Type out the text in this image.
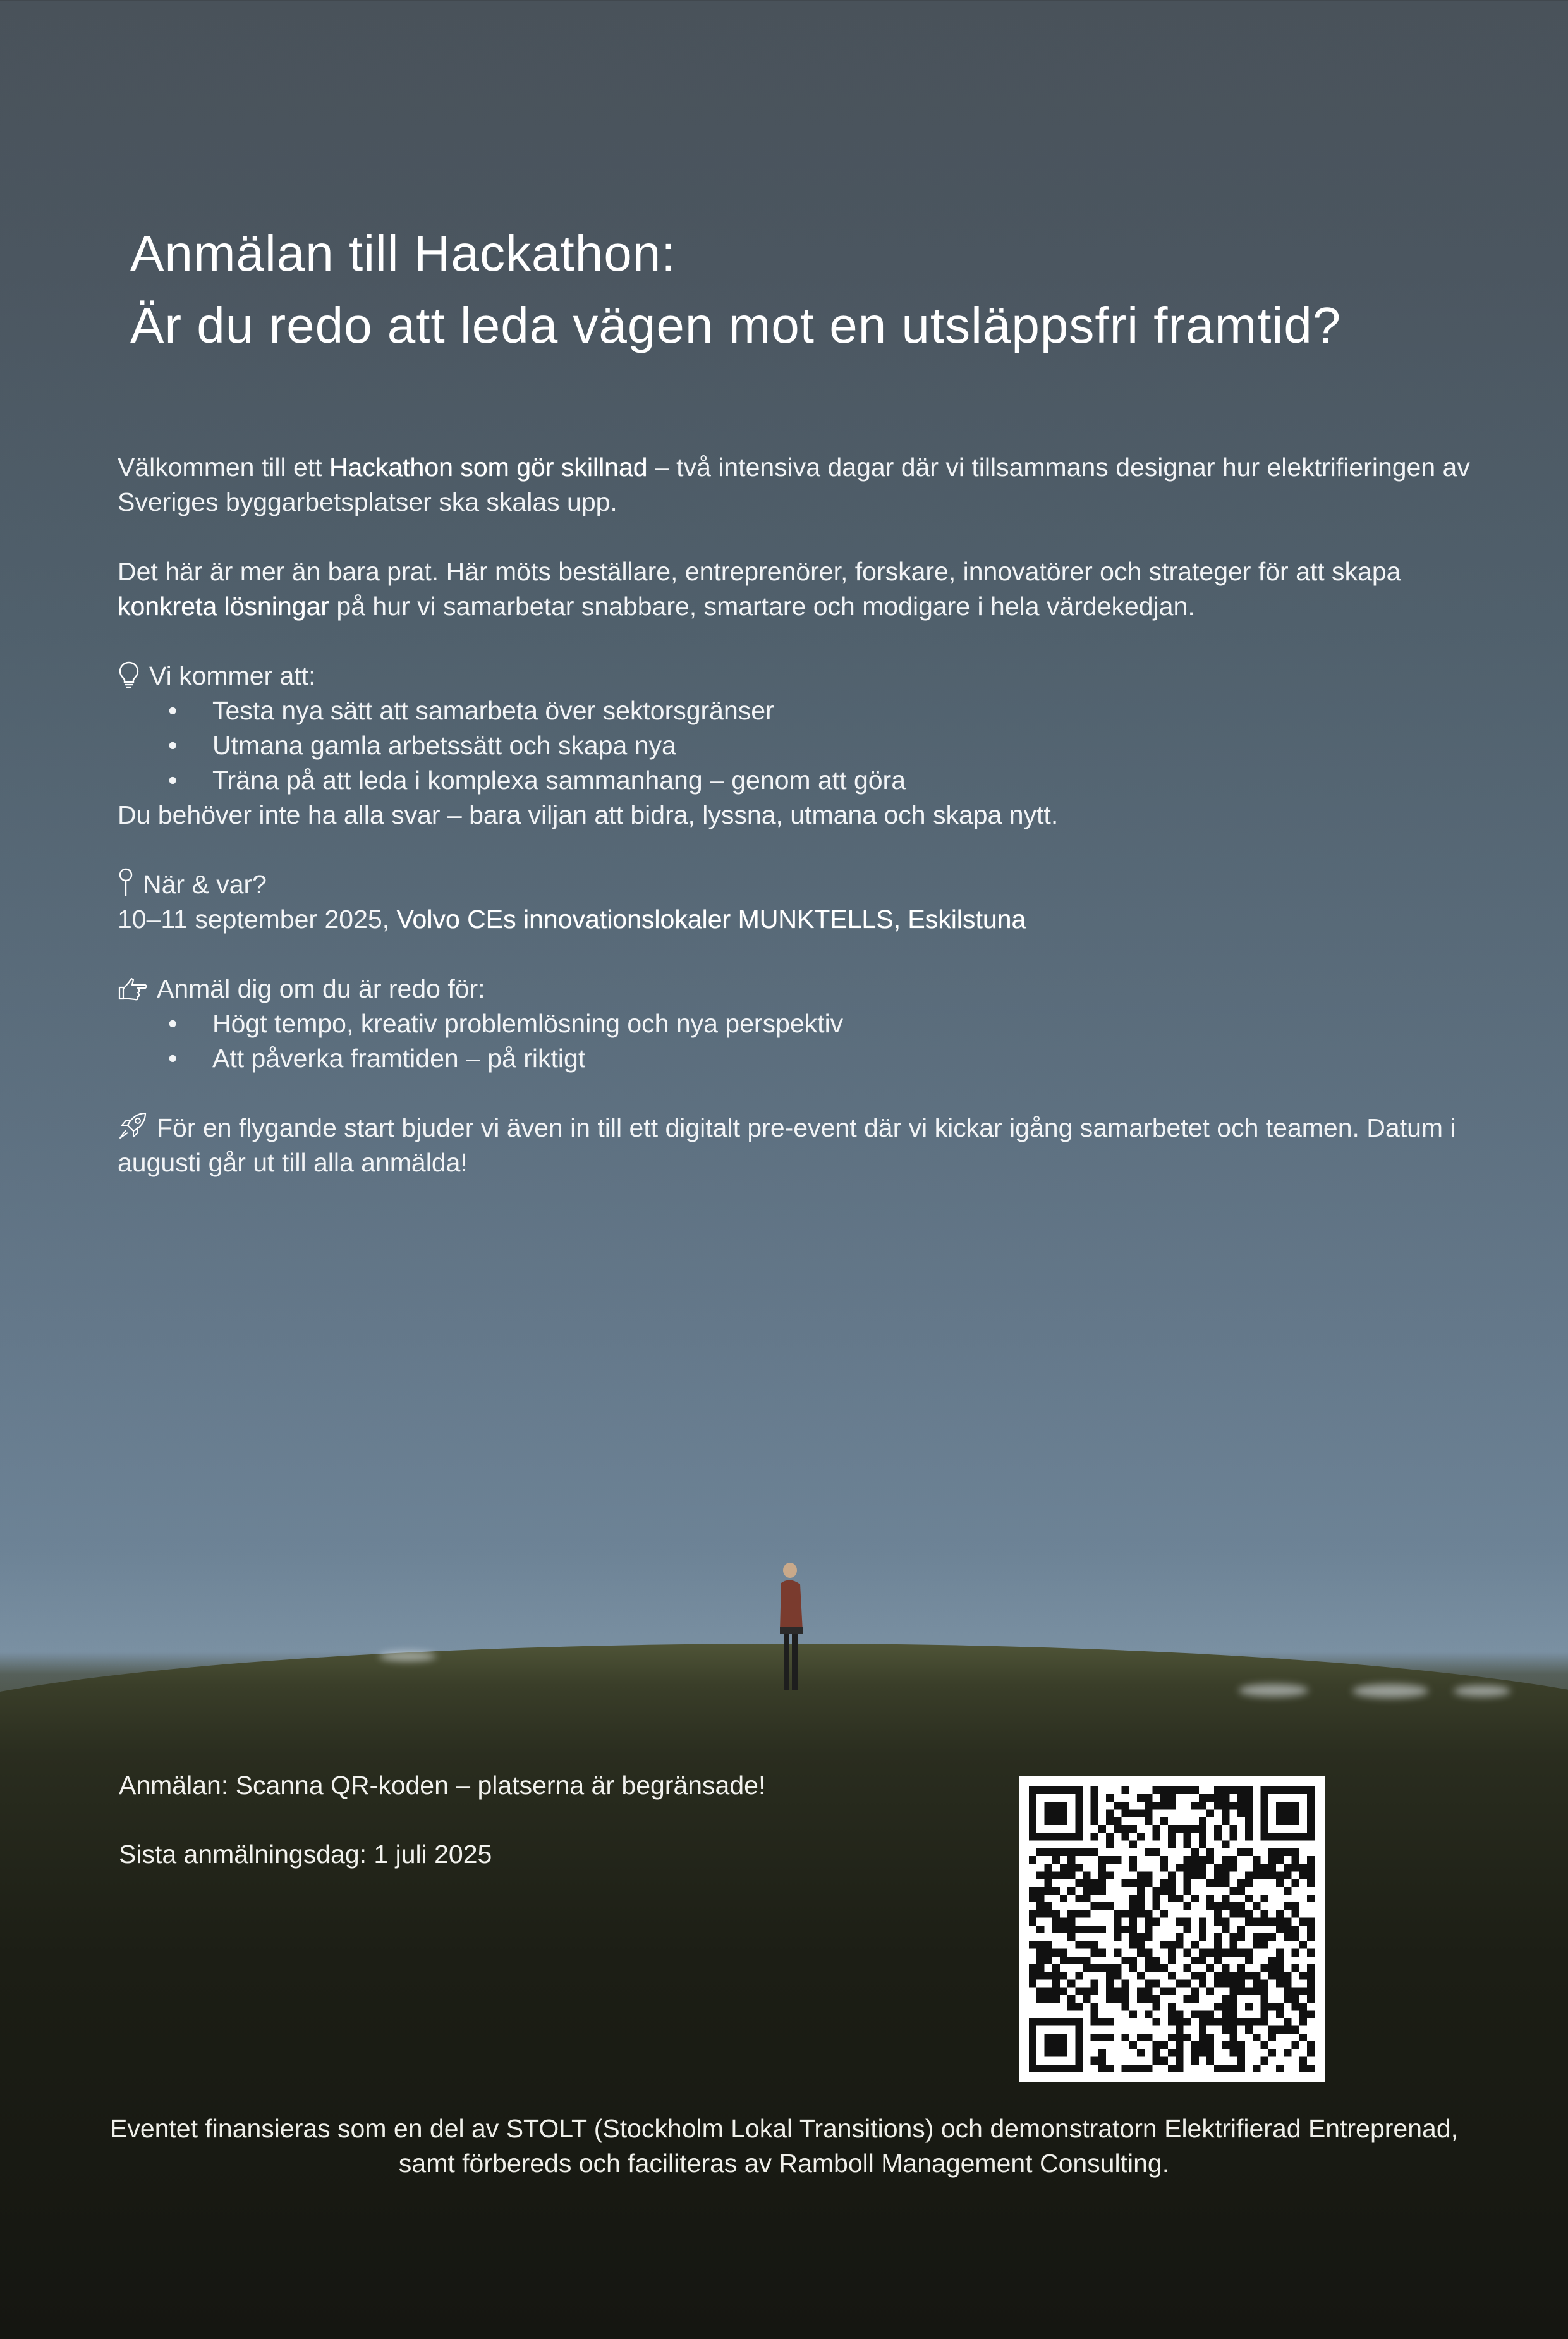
Anmälan till Hackathon:
Är du redo att leda vägen mot en utsläppsfri framtid?

Välkommen till ett Hackathon som gör skillnad – två intensiva dagar där vi tillsammans designar hur elektrifieringen av Sveriges byggarbetsplatser ska skalas upp.

Det här är mer än bara prat. Här möts beställare, entreprenörer, forskare, innovatörer och strateger för att skapa konkreta lösningar på hur vi samarbetar snabbare, smartare och modigare i hela värdekedjan.

Vi kommer att:

• Testa nya sätt att samarbeta över sektorsgränser
• Utmana gamla arbetssätt och skapa nya
• Träna på att leda i komplexa sammanhang – genom att göra

Du behöver inte ha alla svar – bara viljan att bidra, lyssna, utmana och skapa nytt.

När & var?

10–11 september 2025, Volvo CEs innovationslokaler MUNKTELLS, Eskilstuna

Anmäl dig om du är redo för:

• Högt tempo, kreativ problemlösning och nya perspektiv
• Att påverka framtiden – på riktigt

För en flygande start bjuder vi även in till ett digitalt pre-event där vi kickar igång samarbetet och teamen. Datum i augusti går ut till alla anmälda!

Anmälan: Scanna QR-koden – platserna är begränsade!
Sista anmälningsdag: 1 juli 2025
Eventet finansieras som en del av STOLT (Stockholm Lokal Transitions) och demonstratorn Elektrifierad Entreprenad,
samt förbereds och faciliteras av Ramboll Management Consulting.
